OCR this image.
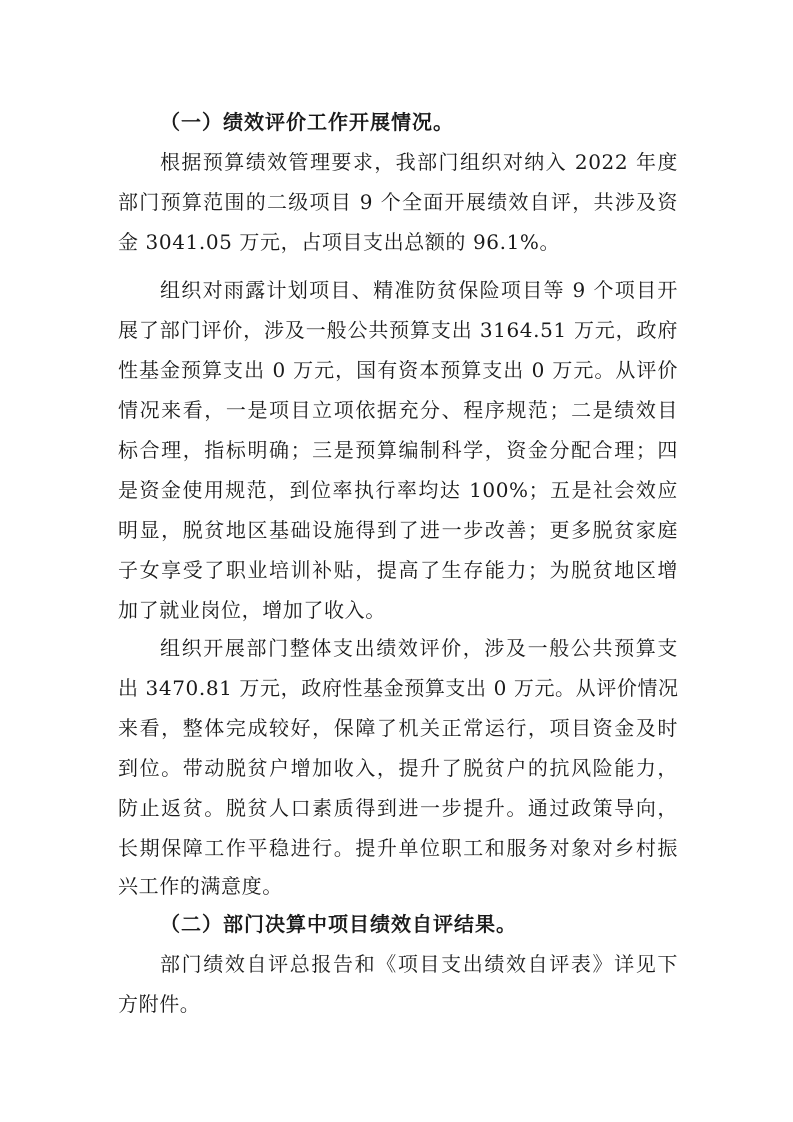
（一）绩效评价工作开展情况。
根据预算绩效管理要求，我部门组织对纳入 2022 年度
部门预算范围的二级项目 9 个全面开展绩效自评，共涉及资
金 3041.05 万元，占项目支出总额的 96.1%。
组织对雨露计划项目、精准防贫保险项目等 9 个项目开
展了部门评价，涉及一般公共预算支出 3164.51 万元，政府
性基金预算支出 0 万元，国有资本预算支出 0 万元。从评价
情况来看，一是项目立项依据充分、程序规范；二是绩效目
标合理，指标明确；三是预算编制科学，资金分配合理；四
是资金使用规范，到位率执行率均达 100%；五是社会效应
明显，脱贫地区基础设施得到了进一步改善；更多脱贫家庭
子女享受了职业培训补贴，提高了生存能力；为脱贫地区增
加了就业岗位，增加了收入。
组织开展部门整体支出绩效评价，涉及一般公共预算支
出 3470.81 万元，政府性基金预算支出 0 万元。从评价情况
来看，整体完成较好，保障了机关正常运行，项目资金及时
到位。带动脱贫户增加收入，提升了脱贫户的抗风险能力，
防止返贫。脱贫人口素质得到进一步提升。通过政策导向，
长期保障工作平稳进行。提升单位职工和服务对象对乡村振
兴工作的满意度。
（二）部门决算中项目绩效自评结果。
部门绩效自评总报告和《项目支出绩效自评表》详见下
方附件。
